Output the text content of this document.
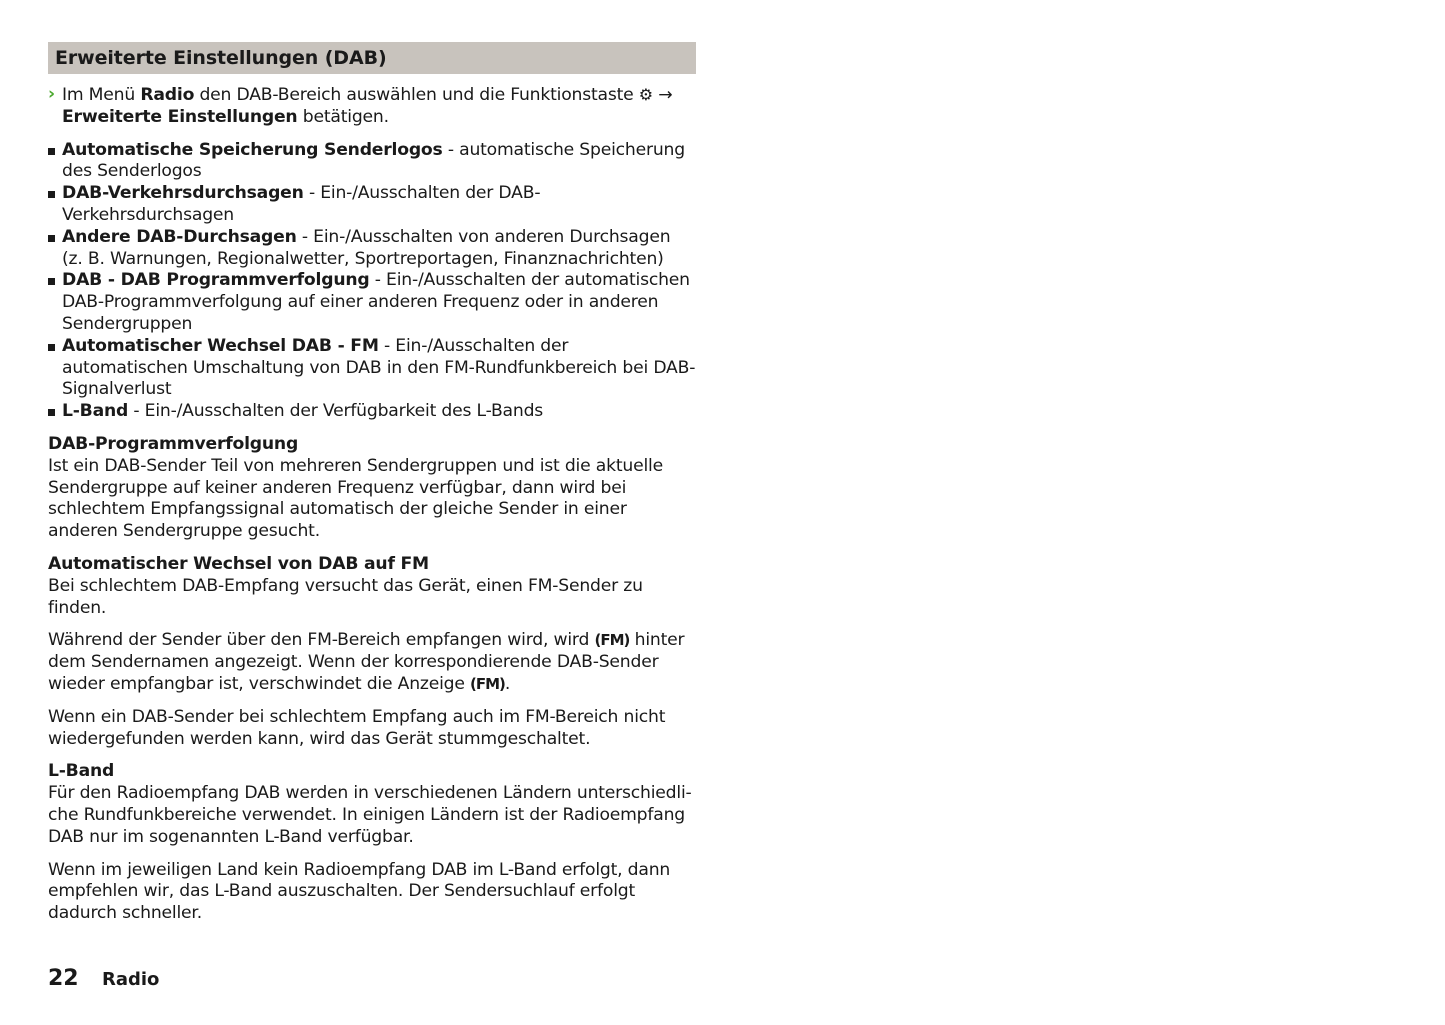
Erweiterte Einstellungen (DAB)
› Im Menü Radio den DAB-Bereich auswählen und die Funktionstaste ⚙ →
Erweiterte Einstellungen betätigen.
Automatische Speicherung Senderlogos - automatische Speicherung des Senderlogos
DAB-Verkehrsdurchsagen - Ein-/Ausschalten der DAB-Verkehrsdurchsagen
Andere DAB-Durchsagen - Ein-/Ausschalten von anderen Durchsagen (z. B. Warnungen, Regionalwetter, Sportreportagen, Finanznachrichten)
DAB - DAB Programmverfolgung - Ein-/Ausschalten der automatischen DAB-Programmverfolgung auf einer anderen Frequenz oder in anderen Sendergruppen
Automatischer Wechsel DAB - FM - Ein-/Ausschalten der automatischen Umschaltung von DAB in den FM-Rundfunkbereich bei DAB-Signalverlust
L-Band - Ein-/Ausschalten der Verfügbarkeit des L-Bands
DAB-Programmverfolgung
Ist ein DAB-Sender Teil von mehreren Sendergruppen und ist die aktuelle Sendergruppe auf keiner anderen Frequenz verfügbar, dann wird bei schlechtem Empfangssignal automatisch der gleiche Sender in einer anderen Sendergruppe gesucht.
Automatischer Wechsel von DAB auf FM

Bei schlechtem DAB-Empfang versucht das Gerät, einen FM-Sender zu finden.

Während der Sender über den FM-Bereich empfangen wird, wird (FM) hinter dem Sendernamen angezeigt. Wenn der korrespondierende DAB-Sender wieder empfangbar ist, verschwindet die Anzeige (FM).

Wenn ein DAB-Sender bei schlechtem Empfang auch im FM-Bereich nicht wiedergefunden werden kann, wird das Gerät stummgeschaltet.

L-Band

Für den Radioempfang DAB werden in verschiedenen Ländern unterschiedliche Rundfunkbereiche verwendet. In einigen Ländern ist der Radioempfang DAB nur im sogenannten L-Band verfügbar.

Wenn im jeweiligen Land kein Radioempfang DAB im L-Band erfolgt, dann empfehlen wir, das L-Band auszuschalten. Der Sendersuchlauf erfolgt dadurch schneller.

22	Radio
